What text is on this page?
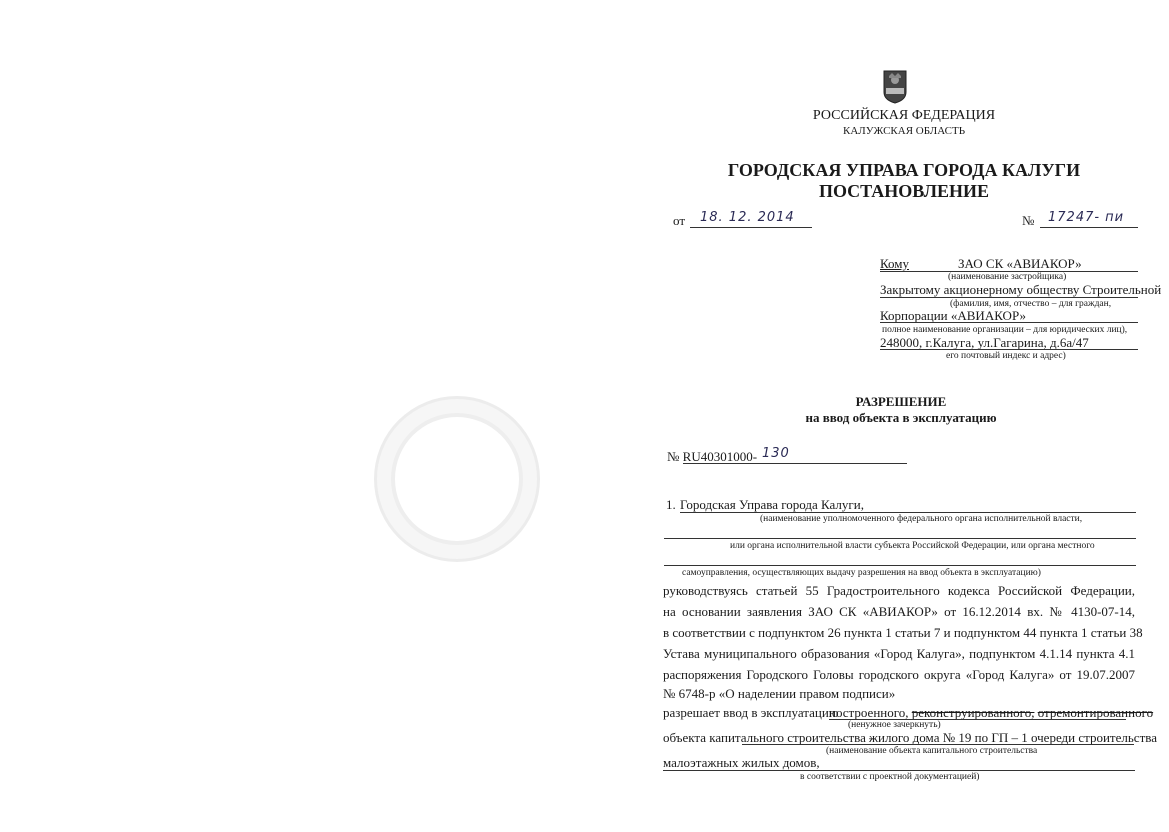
РОССИЙСКАЯ ФЕДЕРАЦИЯ
КАЛУЖСКАЯ ОБЛАСТЬ
ГОРОДСКАЯ УПРАВА ГОРОДА КАЛУГИ
ПОСТАНОВЛЕНИЕ
от 18. 12. 2014	№ 17247- пи
Кому	ЗАО СК «АВИАКОР»
(наименование застройщика)
Закрытому акционерному обществу Строительной
(фамилия, имя, отчество – для граждан,
Корпорации «АВИАКОР»
полное наименование организации – для юридических лиц),
248000, г.Калуга, ул.Гагарина, д.6а/47
его почтовый индекс и адрес)
РАЗРЕШЕНИЕ
на ввод объекта в эксплуатацию
№ RU40301000- 130
1. Городская Управа города Калуги,
(наименование уполномоченного федерального органа исполнительной власти,
или органа исполнительной власти субъекта Российской Федерации, или органа местного
самоуправления, осуществляющих выдачу разрешения на ввод объекта в эксплуатацию)
руководствуясь статьей 55 Градостроительного кодекса Российской Федерации,
на основании заявления ЗАО СК «АВИАКОР» от 16.12.2014 вх. № 4130-07-14,
в соответствии с подпунктом 26 пункта 1 статьи 7 и подпунктом 44 пункта 1 статьи 38
Устава муниципального образования «Город Калуга», подпунктом 4.1.14 пункта 4.1
распоряжения Городского Головы городского округа «Город Калуга» от 19.07.2007
№ 6748-р «О наделении правом подписи»
разрешает ввод в эксплуатацию
построенного, реконструированного, отремонтированного
(ненужное зачеркнуть)
объекта капитального строительства –
жилого дома № 19 по ГП – 1 очереди строительства
(наименование объекта капитального строительства
малоэтажных жилых домов,
в соответствии с проектной документацией)
